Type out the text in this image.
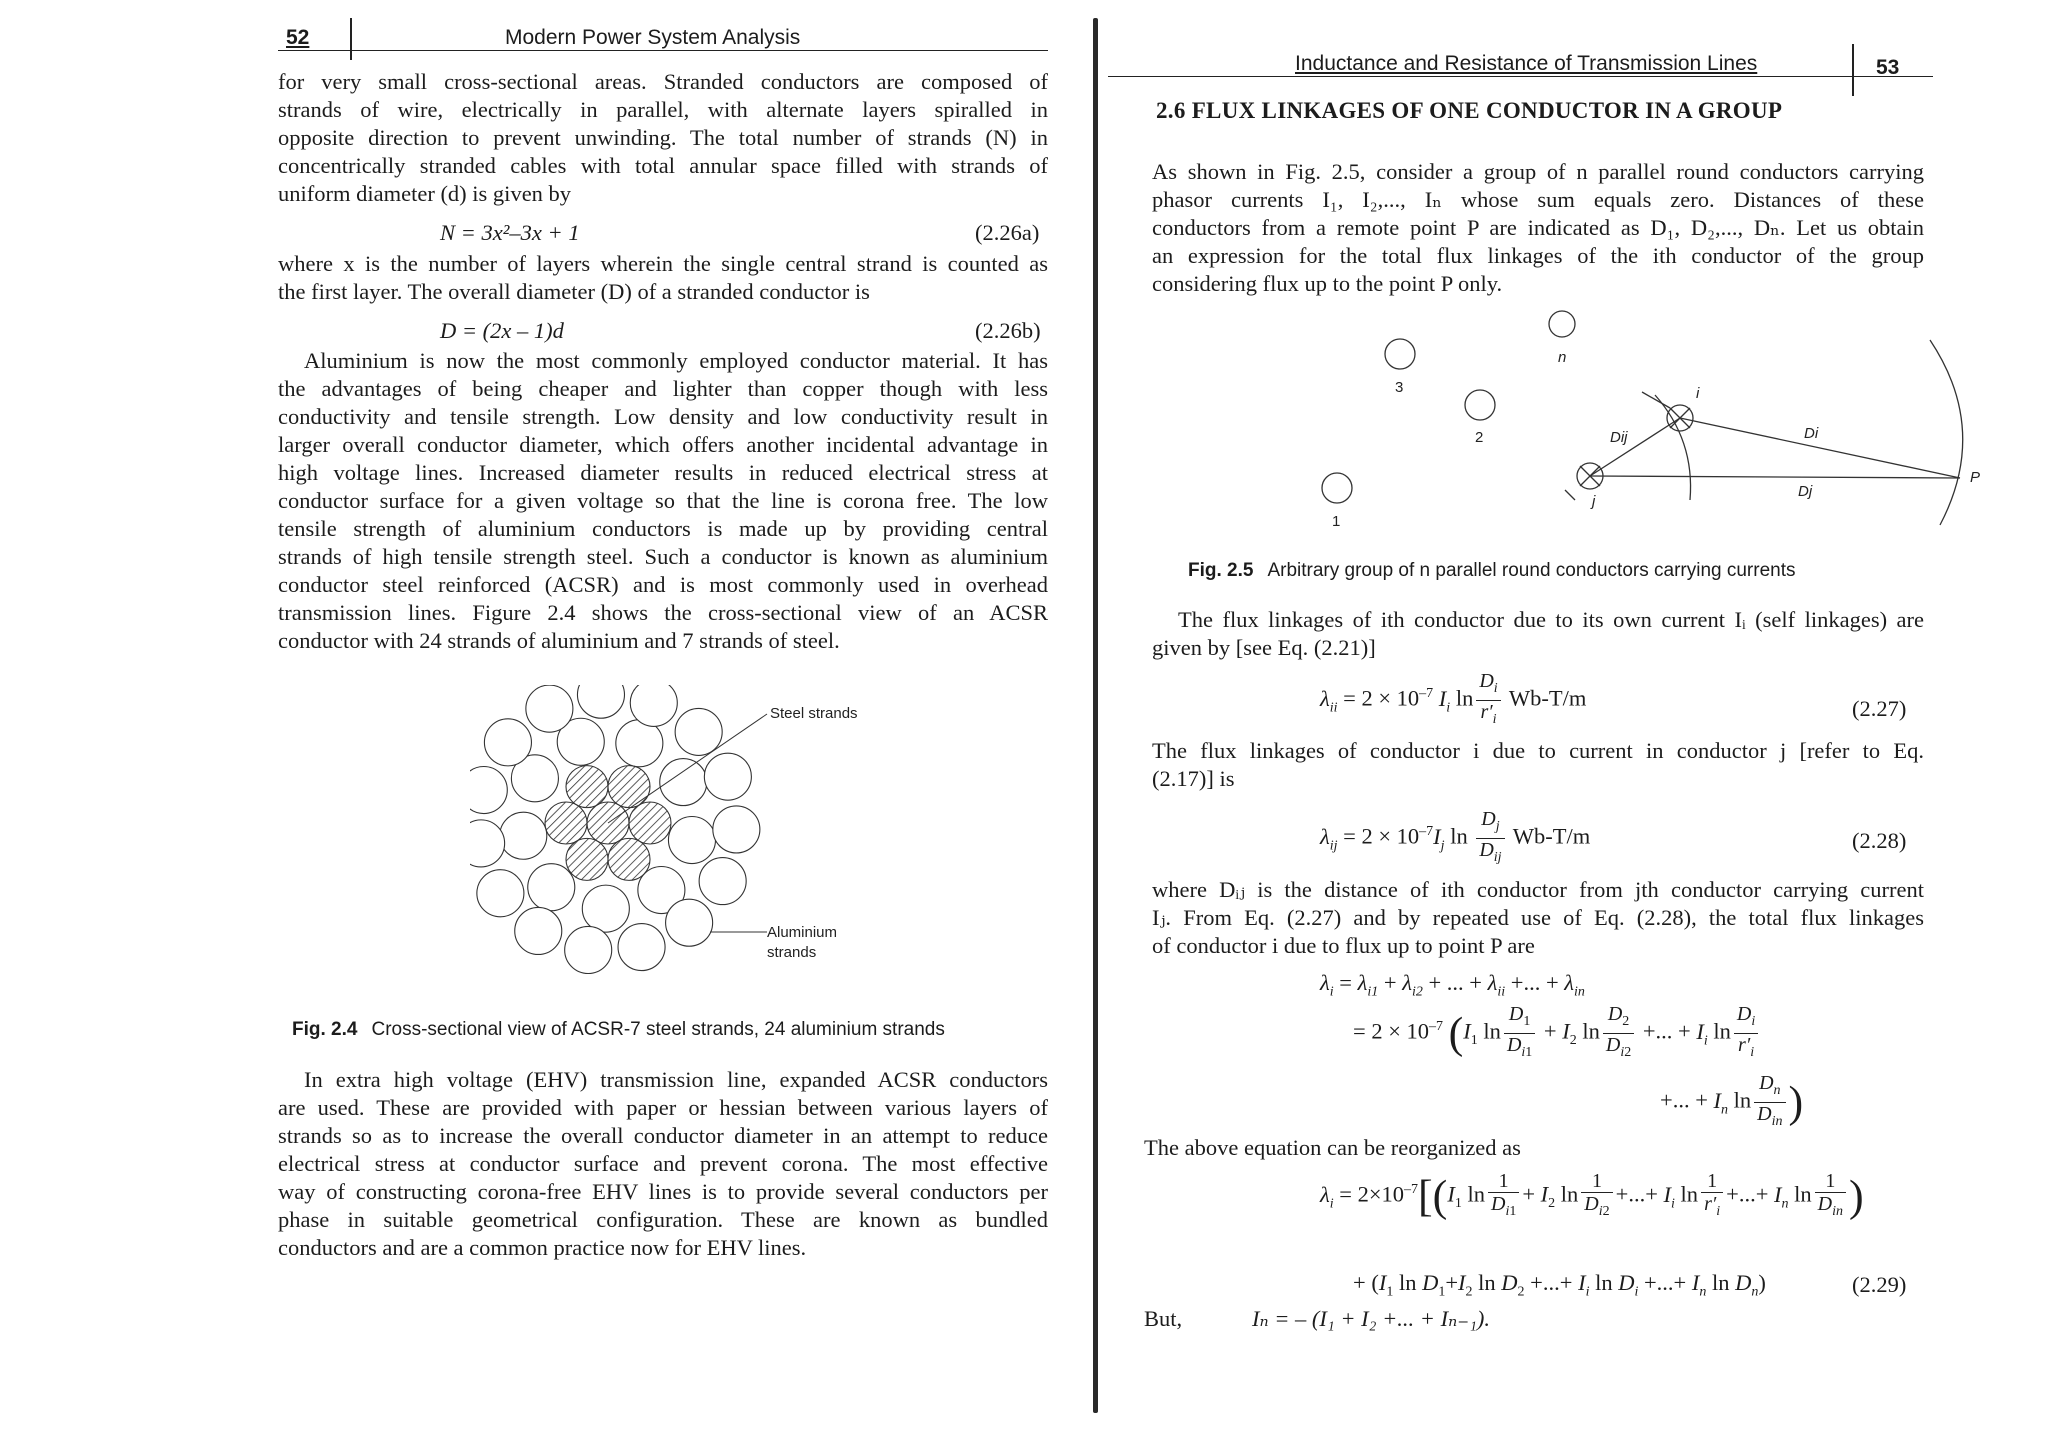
52	Modern Power System Analysis
for very small cross-sectional areas. Stranded conductors are composed of
strands of wire, electrically in parallel, with alternate layers spiralled in
opposite direction to prevent unwinding. The total number of strands (N) in
concentrically stranded cables with total annular space filled with strands of
uniform diameter (d) is given by
N = 3x²–3x + 1	(2.26a)
where x is the number of layers wherein the single central strand is counted as
the first layer. The overall diameter (D) of a stranded conductor is
D = (2x – 1)d	(2.26b)
Aluminium is now the most commonly employed conductor material. It has
the advantages of being cheaper and lighter than copper though with less
conductivity and tensile strength. Low density and low conductivity result in
larger overall conductor diameter, which offers another incidental advantage in
high voltage lines. Increased diameter results in reduced electrical stress at
conductor surface for a given voltage so that the line is corona free. The low
tensile strength of aluminium conductors is made up by providing central
strands of high tensile strength steel. Such a conductor is known as aluminium
conductor steel reinforced (ACSR) and is most commonly used in overhead
transmission lines. Figure 2.4 shows the cross-sectional view of an ACSR
conductor with 24 strands of aluminium and 7 strands of steel.
Steel strands
Aluminium
strands
Fig. 2.4 Cross-sectional view of ACSR-7 steel strands, 24 aluminium strands
In extra high voltage (EHV) transmission line, expanded ACSR conductors
are used. These are provided with paper or hessian between various layers of
strands so as to increase the overall conductor diameter in an attempt to reduce
electrical stress at conductor surface and prevent corona. The most effective
way of constructing corona-free EHV lines is to provide several conductors per
phase in suitable geometrical configuration. These are known as bundled
conductors and are a common practice now for EHV lines.
Inductance and Resistance of Transmission Lines	53
2.6 FLUX LINKAGES OF ONE CONDUCTOR IN A GROUP
As shown in Fig. 2.5, consider a group of n parallel round conductors carrying
phasor currents I₁, I₂,..., Iₙ whose sum equals zero. Distances of these
conductors from a remote point P are indicated as D₁, D₂,..., Dₙ. Let us obtain
an expression for the total flux linkages of the ith conductor of the group
considering flux up to the point P only.
n
i
j
Dij	Di
Dj
P
3
2
1
Fig. 2.5 Arbitrary group of n parallel round conductors carrying currents
The flux linkages of ith conductor due to its own current Iᵢ (self linkages) are
given by [see Eq. (2.21)]
$\lambda_{ii} = 2 \times 10^{-7}$ $I_i$ $\ln \frac{D_i}{r'_i} Wb-T/m$	(2.27)
The flux linkages of conductor i due to current in conductor j [refer to Eq.
(2.17)] is
$\lambda_{ij} = 2 \times 10^{-7}I_j$ $\ln \frac{D_j}{D_{ij}} Wb-T/m$	(2.28)
where Dᵢⱼ is the distance of ith conductor from jth conductor carrying current
Iⱼ. From Eq. (2.27) and by repeated use of Eq. (2.28), the total flux linkages
of conductor i due to flux up to point P are
$\lambda_i = \lambda_{i1} + \lambda_{i2}$ + ... + $\lambda_{ii}$ +... + $\lambda_{in}$
= $2 \times 10^{-7}$ ($I_1$ $\ln \frac{D_1}{D_{i1}} + I_2$ $\ln \frac{D_2}{D_{i2}}$ +... + $I_i$ $\ln \frac{D_i}{r'_i}$
+... + $I_n$ $\ln \frac{D_n}{D_{in}}$ )
The above equation can be reorganized as
$\lambda_i = 2\times 10^{-7}[(I_1$ $\ln \frac{1}{D_{i1}} + I_2$ $\ln \frac{1}{D_{i2}}$ +...+ $I_i$ $\ln \frac{1}{r'_i}$ +...+ $I_n$ $\ln \frac{1}{D_{in}}$ )
+ ($I_1$ $\ln D_1+I_2$ $\ln D_2$ +...+ $I_i$ $\ln D_i$ +...+ $I_n$ $\ln D_n$)	(2.29)
But,	Iₙ = – (I₁ + I₂ +... + Iₙ₋₁).
